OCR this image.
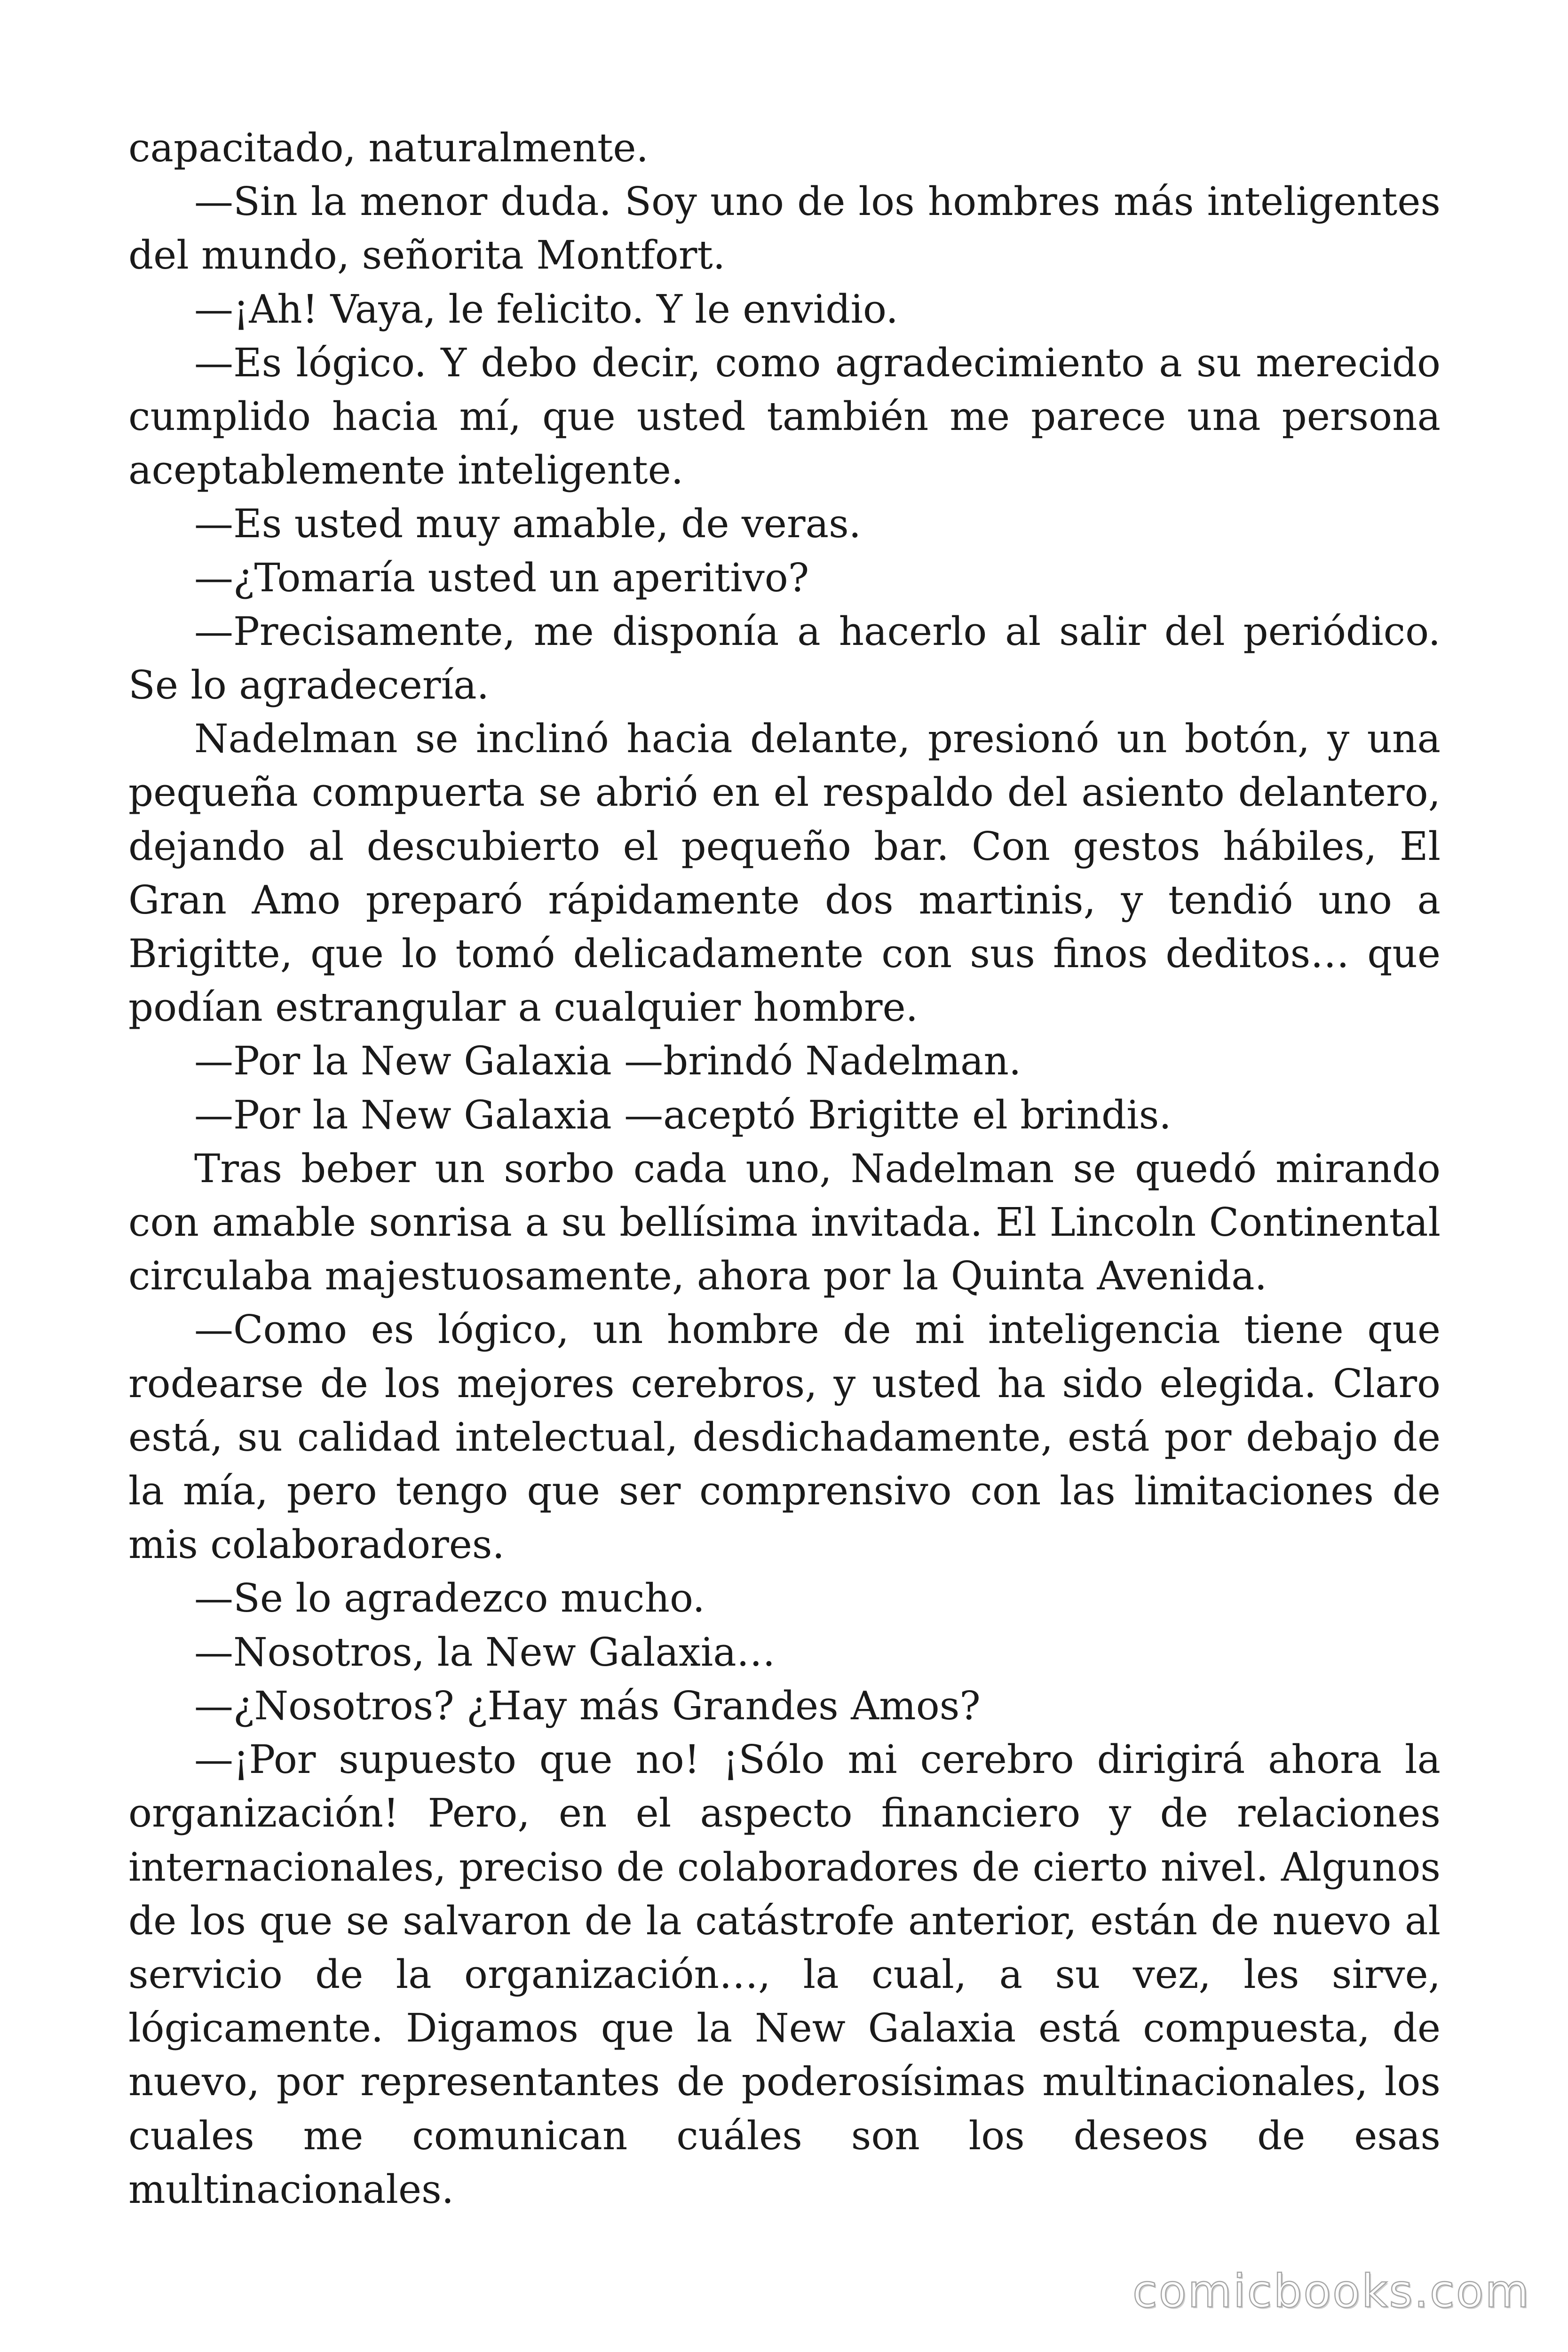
capacitado, naturalmente.

—Sin la menor duda. Soy uno de los hombres más inteligentes del mundo, señorita Montfort.

—¡Ah! Vaya, le felicito. Y le envidio.

—Es lógico. Y debo decir, como agradecimiento a su merecido cumplido hacia mí, que usted también me parece una persona aceptablemente inteligente.

—Es usted muy amable, de veras.

—¿Tomaría usted un aperitivo?

—Precisamente, me disponía a hacerlo al salir del periódico. Se lo agradecería.

Nadelman se inclinó hacia delante, presionó un botón, y una pequeña compuerta se abrió en el respaldo del asiento delantero, dejando al descubierto el pequeño bar. Con gestos hábiles, El Gran Amo preparó rápidamente dos martinis, y tendió uno a Brigitte, que lo tomó delicadamente con sus finos deditos… que podían estrangular a cualquier hombre.

—Por la New Galaxia —brindó Nadelman.

—Por la New Galaxia —aceptó Brigitte el brindis.

Tras beber un sorbo cada uno, Nadelman se quedó mirando con amable sonrisa a su bellísima invitada. El Lincoln Continental circulaba majestuosamente, ahora por la Quinta Avenida.

—Como es lógico, un hombre de mi inteligencia tiene que rodearse de los mejores cerebros, y usted ha sido elegida. Claro está, su calidad intelectual, desdichadamente, está por debajo de la mía, pero tengo que ser comprensivo con las limitaciones de mis colaboradores.

—Se lo agradezco mucho.

—Nosotros, la New Galaxia…

—¿Nosotros? ¿Hay más Grandes Amos?

—¡Por supuesto que no! ¡Sólo mi cerebro dirigirá ahora la organización! Pero, en el aspecto financiero y de relaciones internacionales, preciso de colaboradores de cierto nivel. Algunos de los que se salvaron de la catástrofe anterior, están de nuevo al servicio de la organización…, la cual, a su vez, les sirve, lógicamente. Digamos que la New Galaxia está compuesta, de nuevo, por representantes de poderosísimas multinacionales, los cuales me comunican cuáles son los deseos de esas multinacionales.

comicbooks.com
